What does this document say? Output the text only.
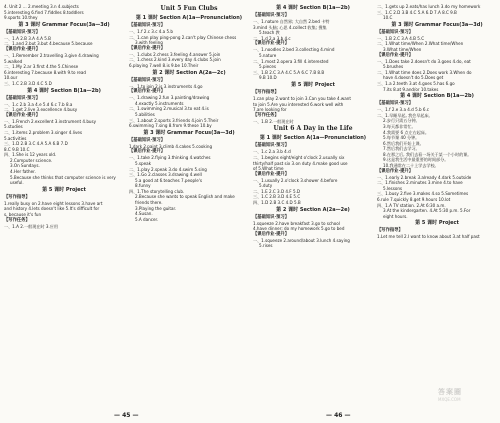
4. Unit 2 ... 2.meeting 3.n 4.subjects
5.interesting 6.find 7.fiddles 8.toddlers
9.sports 10.they
第 3 课时 Grammar Focus(3a—3d)
【基础知识·预习】
一、1.A 2.B 3.A 4.A 5.B
二、1.and 2.but 3.but 4.because 5.because
【课后作业·提升】
一、1.Remember 2.travelling 3.give 4.drawing
5.walked
二、1.My 2.ar 3.first 4.the 5.Chinese
6.interesting 7.because 8.with 9.to read
10.our
三、1.C 2.B 3.D 4.C 5.D
第 4 课时 Section B(1a—2b)
【基础知识·预习】
一、1.c 2.b 3.a 4.e 5.d 6.c 7.b 8.a
二、1.get 2.live 3.excellence 4.busy
【课后作业·提升】
一、1.French 2.excellent 3.instrument 4.busy
5.studies
二、1.items 2.problem 3.singer 4.lives
5.activities
三、1.D 2.B 3.C 4.A 5.A 6.B 7.D
8.C 9.B 10.C
四、1.She is 12 years old.
2.Computer science.
3.On Sundays.
4.Her father.
5.Because she thinks that computer science is very
useful.
第 5 课时 Project
【写作指导】
1.really busy on 2.have eight lessons 3.have art
and history 4.lets doesn't like 5.It's difficult for
s, because it's fun
【写作任务】
一、1.A 2.一般现在时 3.应用
Unit 5 Fun Clubs
第 1 课时 Section A(1a—Pronunciation)
【基础知识·预习】
一、1.f 2.c 3.c 4.a 5.b
二、1.can play ping-pong 2.can't play Chinese chess
3.with feeling
【课后作业·提升】
一、1.clubs 2.chess 3.feeling 4.answer 5.join
二、1.chess 2.kind 3.every day 4.clubs 5.join
6.playing 7.well 8.is 9.be 10.Their
第 2 课时 Section A(2a—2c)
【基础知识·预习】
一、1.to join 2.is 3.instruments 4.go
【课后作业·提升】
一、1.drawing 2.fun 3.painting/drawing
4.exactly 5.instruments
二、1.swimming 2.musical 3.to eat 4.is
5.abilities
三、1.about 2.sports 3.friends 4.join 5.Their
6.swimming 7.sing 8.from 9.these 10.by
第 3 课时 Grammar Focus(3a—3d)
【基础知识·预习】
1.dark 2.paint 3.climb 4.cakes 5.cooking
【课后作业·提升】
一、1.take 2.flying 3.thinking 4.watches
5.speak
二、1.play 2.speak 3.do 4.swim 5.sing
三、1.Go 2.classes 3.drawing 4.well
5.a good at 6.teaches 7.people's
8.funny
四、1.The storytelling club.
2.Because she wants to speak English and make
friends there.
3.Playing the guitar.
4.Susan.
5.A dancer.
第 4 课时 Section B(1a—2b)
【基础知识·预习】
一、1.nature 自然界; 大自然 2.bed 卡特
3.mind 头脑; 心思 4.collect 收集; 搜集
5.teach 教
二、1.d 2.a 3.b 4.c
【课后作业·提升】
一、1.noodles 2.bed 3.collecting 4.mind
5.nature
二、1.most 2.opera 3.fill 4.interested
5.pieces
三、1.B 2.C 3.A 4.C 5.A 6.C 7.B 8.B
9.B 10.D
第 5 课时 Project
【写作指导】
1.can play 2.want to join 3.Can you take 4.want
to join 5.Are you interested 6.work well with
7.are looking for
【写作任务】
一、1.B 2.一般现在时
Unit 6 A Day in the Life
第 1 课时 Section A(1a—Pronunciation)
【基础知识·预习】
一、1.c 2.a 3.b 4.d
二、1.begins eight/eight o'clock 2.usually six
thirty/half past six 3.on duty 4.make good use
of 5.What time
【课后作业·提升】
一、1.usually 2.o'clock 3.shower 4.before
5.duty
二、1.E 2.C 3.D 4.F 5.D
三、1.C 2.B 3.D 4.E 5.C
四、1.D 2.B 3.C 4.D 5.B
第 2 课时 Section A(2a—2e)
【基础知识·预习】
1.squeeze 2.have breakfast 3.go to school
4.have dinner; do my homework 5.go to bed
【课后作业·提升】
一、1.squeeze 2.around/about 3.lunch 4.saying
5.rises
二、1.gets up 2.eats/has lunch 3.do my homework
三、1.C 2.D 3.B 4.C 5.A 6.D 7.A 8.C 9.B
10.C
第 3 课时 Grammar Focus(3a—3d)
【基础知识·预习】
一、1.B 2.C 3.A 4.B 5.C
二、1.What time/When 2.What time/When
3.What time/When
【课后作业·提升】
一、1.Does take 2.doesn't do 3.goes 4.do, eat
5.brushes
二、1.What time does 2.Does work 3.When do
have 4.doesn't do 5.Does get
三、1.a 2.teeth 3.at 4.goes 5.has 6.go
7.its 8.at 9.and/or 10.takes
第 4 课时 Section B(1a—2b)
【基础知识·预习】
一、1.f 2.e 3.a 4.d 5.b 6.c
二、1.早睡早起, 我会早起床。
2.步行只需五分钟。
3.每天都非常忙。
4.我需要 6 点左右起床。
5.每节课 40 分钟。
6.然后我们开始上课。
7.然后我们去学习。
8.在那之后, 我们去看一场关于某一个小时的课。
9.这是我生活中最重要的时间部分。
10.我通常在二十上学去学校。
【课后作业·提升】
一、1.early 2.break 3.already 4.dark 5.outside
二、1.finishes 2.minutes 3.mine 4.to have
5.lessons
三、1.busy 2.five 3.makes 4.so 5.Sometimes
6.rule 7.quickly 8.get 9.hours 10.lot
四、1.A TV station. 2.At 6:30 a.m.
3.At the kindergarten. 4.At 5:30 p.m. 5.For
eight hours.
第 5 课时 Project
【写作指导】
1.Let me tell 2.I want to know about 3.at half past
— 45 —	— 46 —
答案圈
MXQE.COM
